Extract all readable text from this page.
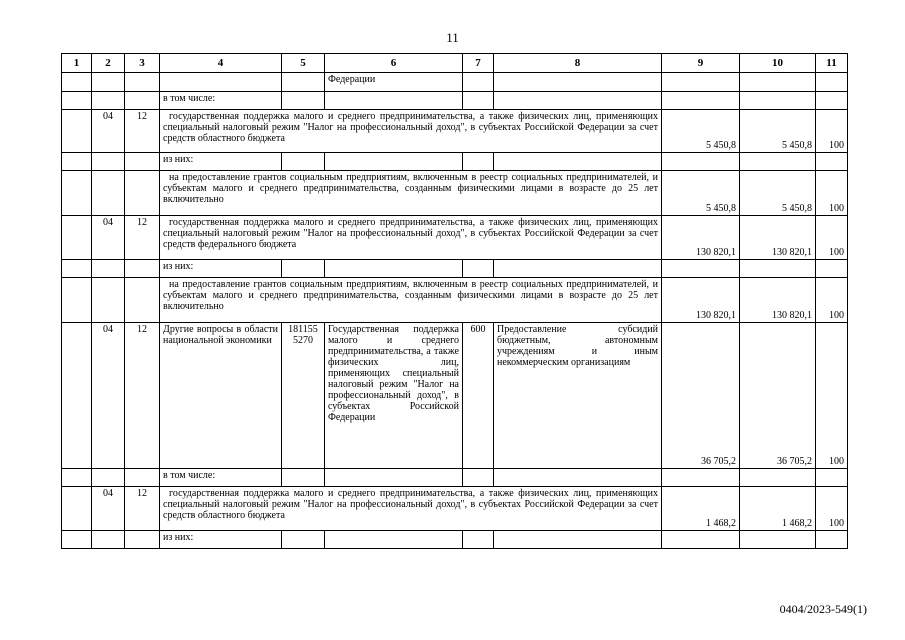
11
1	2	3	4	5	6	7	8	9	10	11
					Федерации					
			в том числе:							
	04	12	государственная поддержка малого и среднего предпринимательства, а также физических лиц, применяющих специальный налоговый режим "Налог на профессиональный доход", в субъектах Российской Федерации за счет средств областного бюджета					5 450,8	5 450,8	100
			из них:							
			на предоставление грантов социальным предприятиям, включенным в реестр социальных предпринимателей, и субъектам малого и среднего предпринимательства, созданным физическими лицами в возрасте до 25 лет включительно					5 450,8	5 450,8	100
	04	12	государственная поддержка малого и среднего предпринимательства, а также физических лиц, применяющих специальный налоговый режим "Налог на профессиональный доход", в субъектах Российской Федерации за счет средств федерального бюджета					130 820,1	130 820,1	100
			из них:							
			на предоставление грантов социальным предприятиям, включенным в реестр социальных предпринимателей, и субъектам малого и среднего предпринимательства, созданным физическими лицами в возрасте до 25 лет включительно					130 820,1	130 820,1	100
	04	12	Другие вопросы в области национальной экономики	181155 5270	Государственная поддержка малого и среднего предпринимательства, а также физических лиц, применяющих специальный налоговый режим "Налог на профессиональный доход", в субъектах Российской Федерации	600	Предоставление субсидий бюджетным, автономным учреждениям и иным некоммерческим организациям	36 705,2	36 705,2	100
			в том числе:							
	04	12	государственная поддержка малого и среднего предпринимательства, а также физических лиц, применяющих специальный налоговый режим "Налог на профессиональный доход", в субъектах Российской Федерации за счет средств областного бюджета					1 468,2	1 468,2	100
			из них:							
0404/2023-549(1)
